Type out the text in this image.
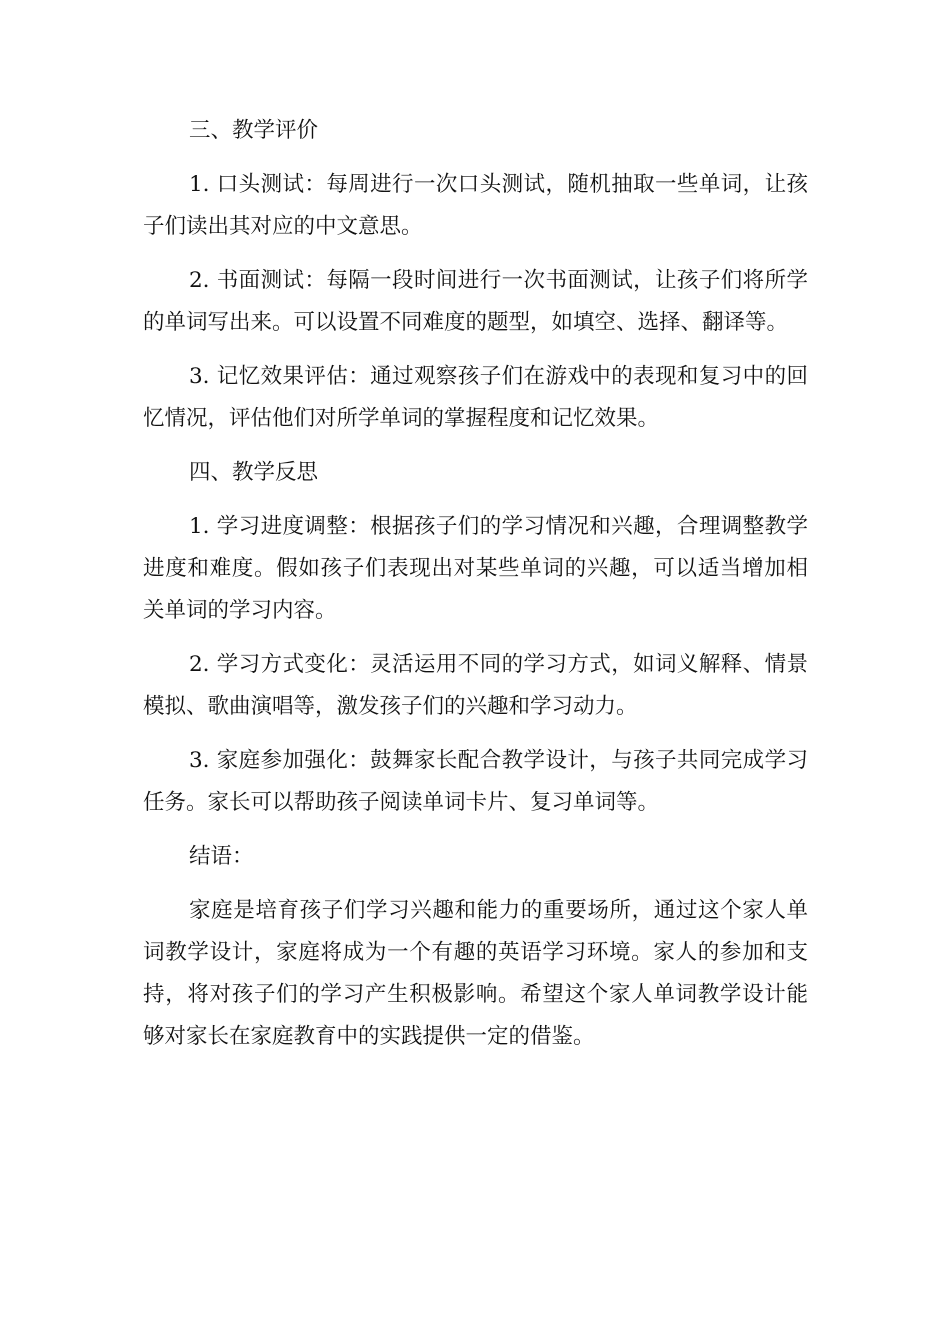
三、教学评价

1. 口头测试：每周进行一次口头测试，随机抽取一些单词，让孩子们读出其对应的中文意思。

2. 书面测试：每隔一段时间进行一次书面测试，让孩子们将所学的单词写出来。可以设置不同难度的题型，如填空、选择、翻译等。

3. 记忆效果评估：通过观察孩子们在游戏中的表现和复习中的回忆情况，评估他们对所学单词的掌握程度和记忆效果。

四、教学反思

1. 学习进度调整：根据孩子们的学习情况和兴趣，合理调整教学进度和难度。假如孩子们表现出对某些单词的兴趣，可以适当增加相关单词的学习内容。

2. 学习方式变化：灵活运用不同的学习方式，如词义解释、情景模拟、歌曲演唱等，激发孩子们的兴趣和学习动力。

3. 家庭参加强化：鼓舞家长配合教学设计，与孩子共同完成学习任务。家长可以帮助孩子阅读单词卡片、复习单词等。

结语：

家庭是培育孩子们学习兴趣和能力的重要场所，通过这个家人单词教学设计，家庭将成为一个有趣的英语学习环境。家人的参加和支持，将对孩子们的学习产生积极影响。希望这个家人单词教学设计能够对家长在家庭教育中的实践提供一定的借鉴。
